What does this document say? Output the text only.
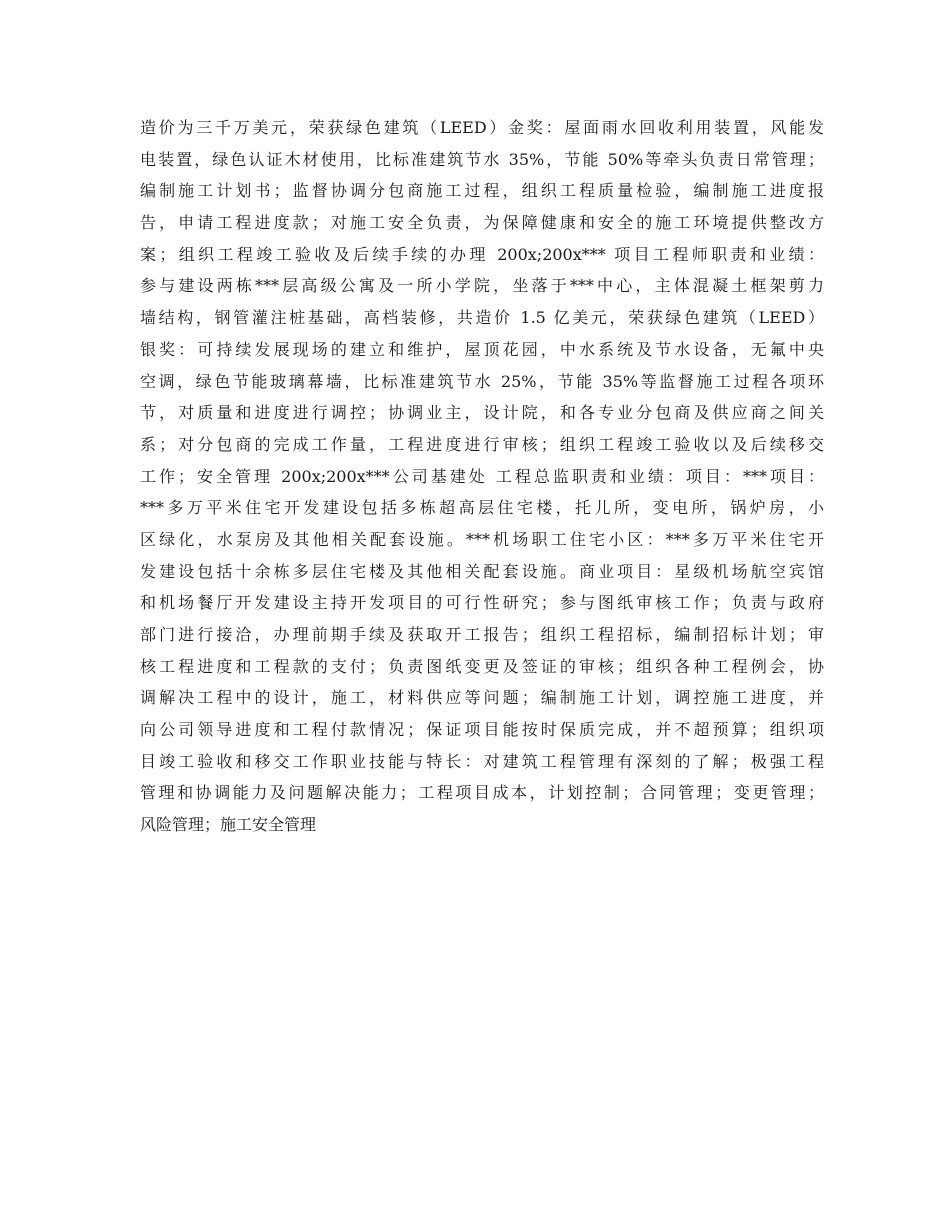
造价为三千万美元，荣获绿色建筑（LEED）金奖：屋面雨水回收利用装置，风能发
电装置，绿色认证木材使用，比标准建筑节水 35%，节能 50%等牵头负责日常管理；
编制施工计划书；监督协调分包商施工过程，组织工程质量检验，编制施工进度报
告，申请工程进度款；对施工安全负责，为保障健康和安全的施工环境提供整改方
案；组织工程竣工验收及后续手续的办理 200x;200x*** 项目工程师职责和业绩：
参与建设两栋***层高级公寓及一所小学院，坐落于***中心，主体混凝土框架剪力
墙结构，钢管灌注桩基础，高档装修，共造价 1.5 亿美元，荣获绿色建筑（LEED）
银奖：可持续发展现场的建立和维护，屋顶花园，中水系统及节水设备，无氟中央
空调，绿色节能玻璃幕墙，比标准建筑节水 25%，节能 35%等监督施工过程各项环
节，对质量和进度进行调控；协调业主，设计院，和各专业分包商及供应商之间关
系；对分包商的完成工作量，工程进度进行审核；组织工程竣工验收以及后续移交
工作；安全管理 200x;200x***公司基建处 工程总监职责和业绩：项目：***项目：
***多万平米住宅开发建设包括多栋超高层住宅楼，托儿所，变电所，锅炉房，小
区绿化，水泵房及其他相关配套设施。***机场职工住宅小区：***多万平米住宅开
发建设包括十余栋多层住宅楼及其他相关配套设施。商业项目：星级机场航空宾馆
和机场餐厅开发建设主持开发项目的可行性研究；参与图纸审核工作；负责与政府
部门进行接洽，办理前期手续及获取开工报告；组织工程招标，编制招标计划；审
核工程进度和工程款的支付；负责图纸变更及签证的审核；组织各种工程例会，协
调解决工程中的设计，施工，材料供应等问题；编制施工计划，调控施工进度，并
向公司领导进度和工程付款情况；保证项目能按时保质完成，并不超预算；组织项
目竣工验收和移交工作职业技能与特长：对建筑工程管理有深刻的了解；极强工程
管理和协调能力及问题解决能力；工程项目成本，计划控制；合同管理；变更管理；
风险管理；施工安全管理
